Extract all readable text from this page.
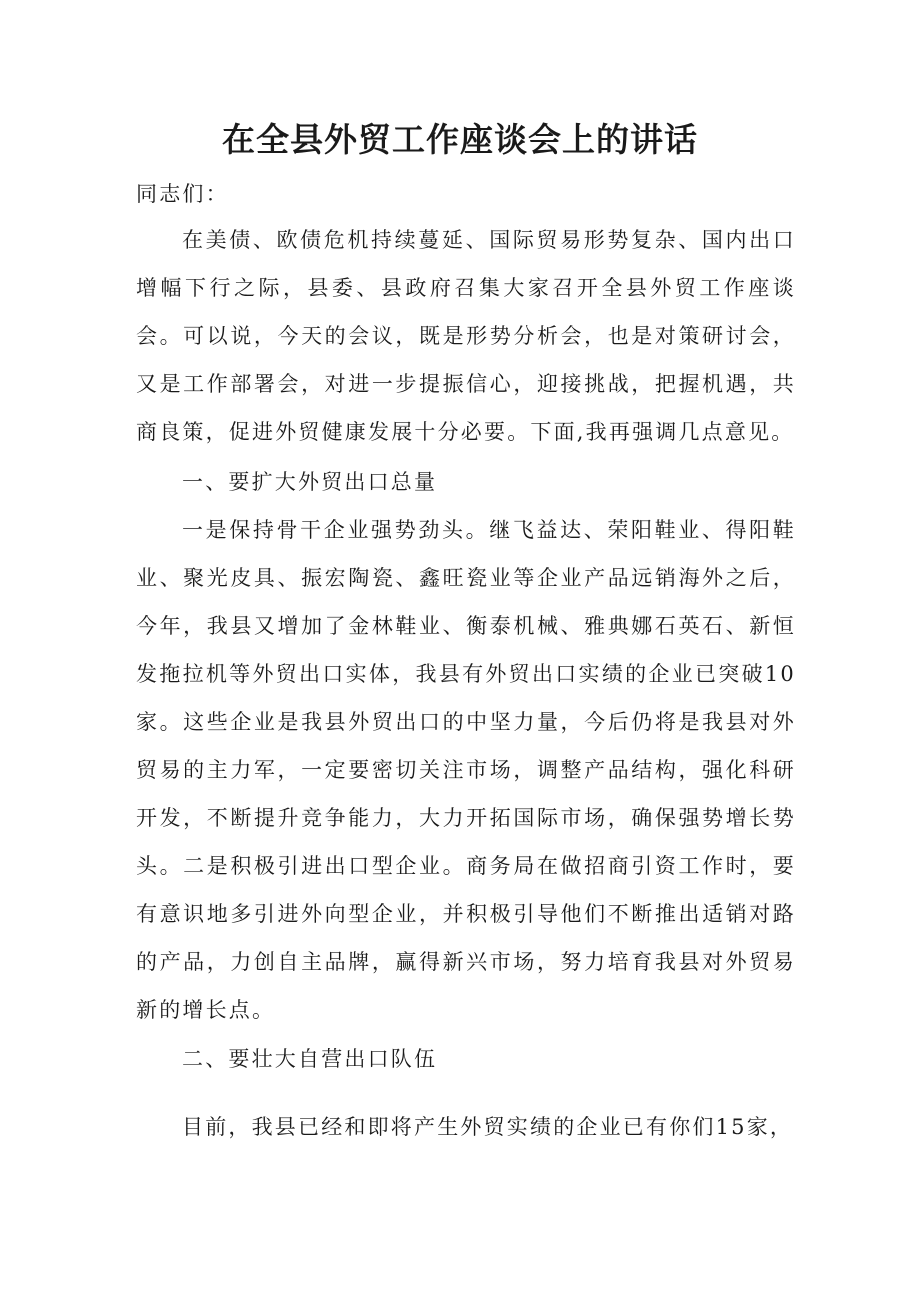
在全县外贸工作座谈会上的讲话

同志们：

在美债、欧债危机持续蔓延、国际贸易形势复杂、国内出口增幅下行之际，县委、县政府召集大家召开全县外贸工作座谈会。可以说，今天的会议，既是形势分析会，也是对策研讨会，又是工作部署会，对进一步提振信心，迎接挑战，把握机遇，共商良策，促进外贸健康发展十分必要。下面,我再强调几点意见。

一、要扩大外贸出口总量

一是保持骨干企业强势劲头。继飞益达、荣阳鞋业、得阳鞋业、聚光皮具、振宏陶瓷、鑫旺瓷业等企业产品远销海外之后，今年，我县又增加了金林鞋业、衡泰机械、雅典娜石英石、新恒发拖拉机等外贸出口实体，我县有外贸出口实绩的企业已突破10家。这些企业是我县外贸出口的中坚力量，今后仍将是我县对外贸易的主力军，一定要密切关注市场，调整产品结构，强化科研开发，不断提升竞争能力，大力开拓国际市场，确保强势增长势头。二是积极引进出口型企业。商务局在做招商引资工作时，要有意识地多引进外向型企业，并积极引导他们不断推出适销对路的产品，力创自主品牌，赢得新兴市场，努力培育我县对外贸易新的增长点。

二、要壮大自营出口队伍

目前，我县已经和即将产生外贸实绩的企业已有你们15家，
